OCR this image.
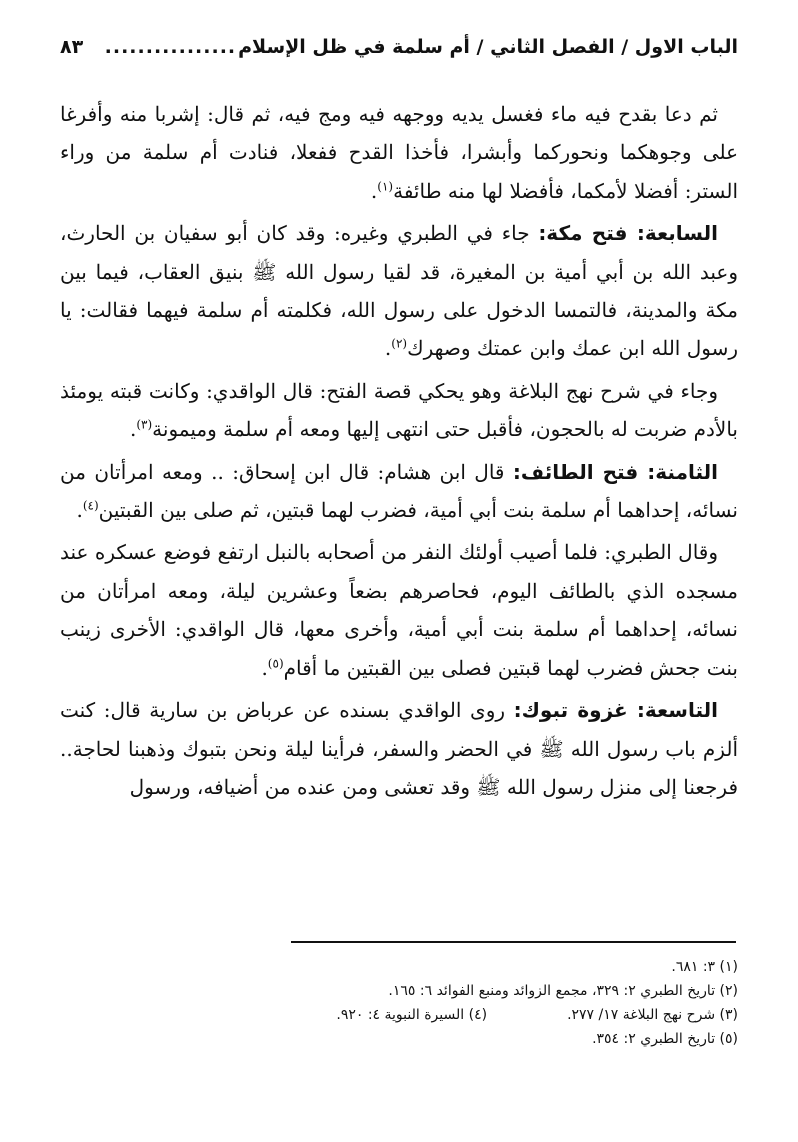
الباب الاول / الفصل الثاني / أم سلمة في ظل الإسلام
................
٨٣

ثم دعا بقدح فيه ماء فغسل يديه ووجهه فيه ومج فيه، ثم قال: إشربا منه وأفرغا على وجوهكما ونحوركما وأبشرا، فأخذا القدح ففعلا، فنادت أم سلمة من وراء الستر: أفضلا لأمكما، فأفضلا لها منه طائفة$^{(١)}$.

السابعة: فتح مكة: جاء في الطبري وغيره: وقد كان أبو سفيان بن الحارث، وعبد الله بن أبي أمية بن المغيرة، قد لقيا رسول الله ﷺ بنيق العقاب، فيما بين مكة والمدينة، فالتمسا الدخول على رسول الله، فكلمته أم سلمة فيهما فقالت: يا رسول الله ابن عمك وابن عمتك وصهرك$^{(٢)}$.

وجاء في شرح نهج البلاغة وهو يحكي قصة الفتح: قال الواقدي: وكانت قبته يومئذ بالأدم ضربت له بالحجون، فأقبل حتى انتهى إليها ومعه أم سلمة وميمونة$^{(٣)}$.

الثامنة: فتح الطائف: قال ابن هشام: قال ابن إسحاق: .. ومعه امرأتان من نسائه، إحداهما أم سلمة بنت أبي أمية، فضرب لهما قبتين، ثم صلى بين القبتين$^{(٤)}$.

وقال الطبري: فلما أصيب أولئك النفر من أصحابه بالنبل ارتفع فوضع عسكره عند مسجده الذي بالطائف اليوم، فحاصرهم بضعاً وعشرين ليلة، ومعه امرأتان من نسائه، إحداهما أم سلمة بنت أبي أمية، وأخرى معها، قال الواقدي: الأخرى زينب بنت جحش فضرب لهما قبتين فصلى بين القبتين ما أقام$^{(٥)}$.

التاسعة: غزوة تبوك: روى الواقدي بسنده عن عرباض بن سارية قال: كنت ألزم باب رسول الله ﷺ في الحضر والسفر، فرأينا ليلة ونحن بتبوك وذهبنا لحاجة.. فرجعنا إلى منزل رسول الله ﷺ وقد تعشى ومن عنده من أضيافه، ورسول

(١) ٣: ٦٨١.
(٢) تاريخ الطبري ٢: ٣٢٩، مجمع الزوائد ومنبع الفوائد ٦: ١٦٥.
(٣) شرح نهج البلاغة ١٧/ ٢٧٧.
(٤) السيرة النبوية ٤: ٩٢٠.
(٥) تاريخ الطبري ٢: ٣٥٤.
